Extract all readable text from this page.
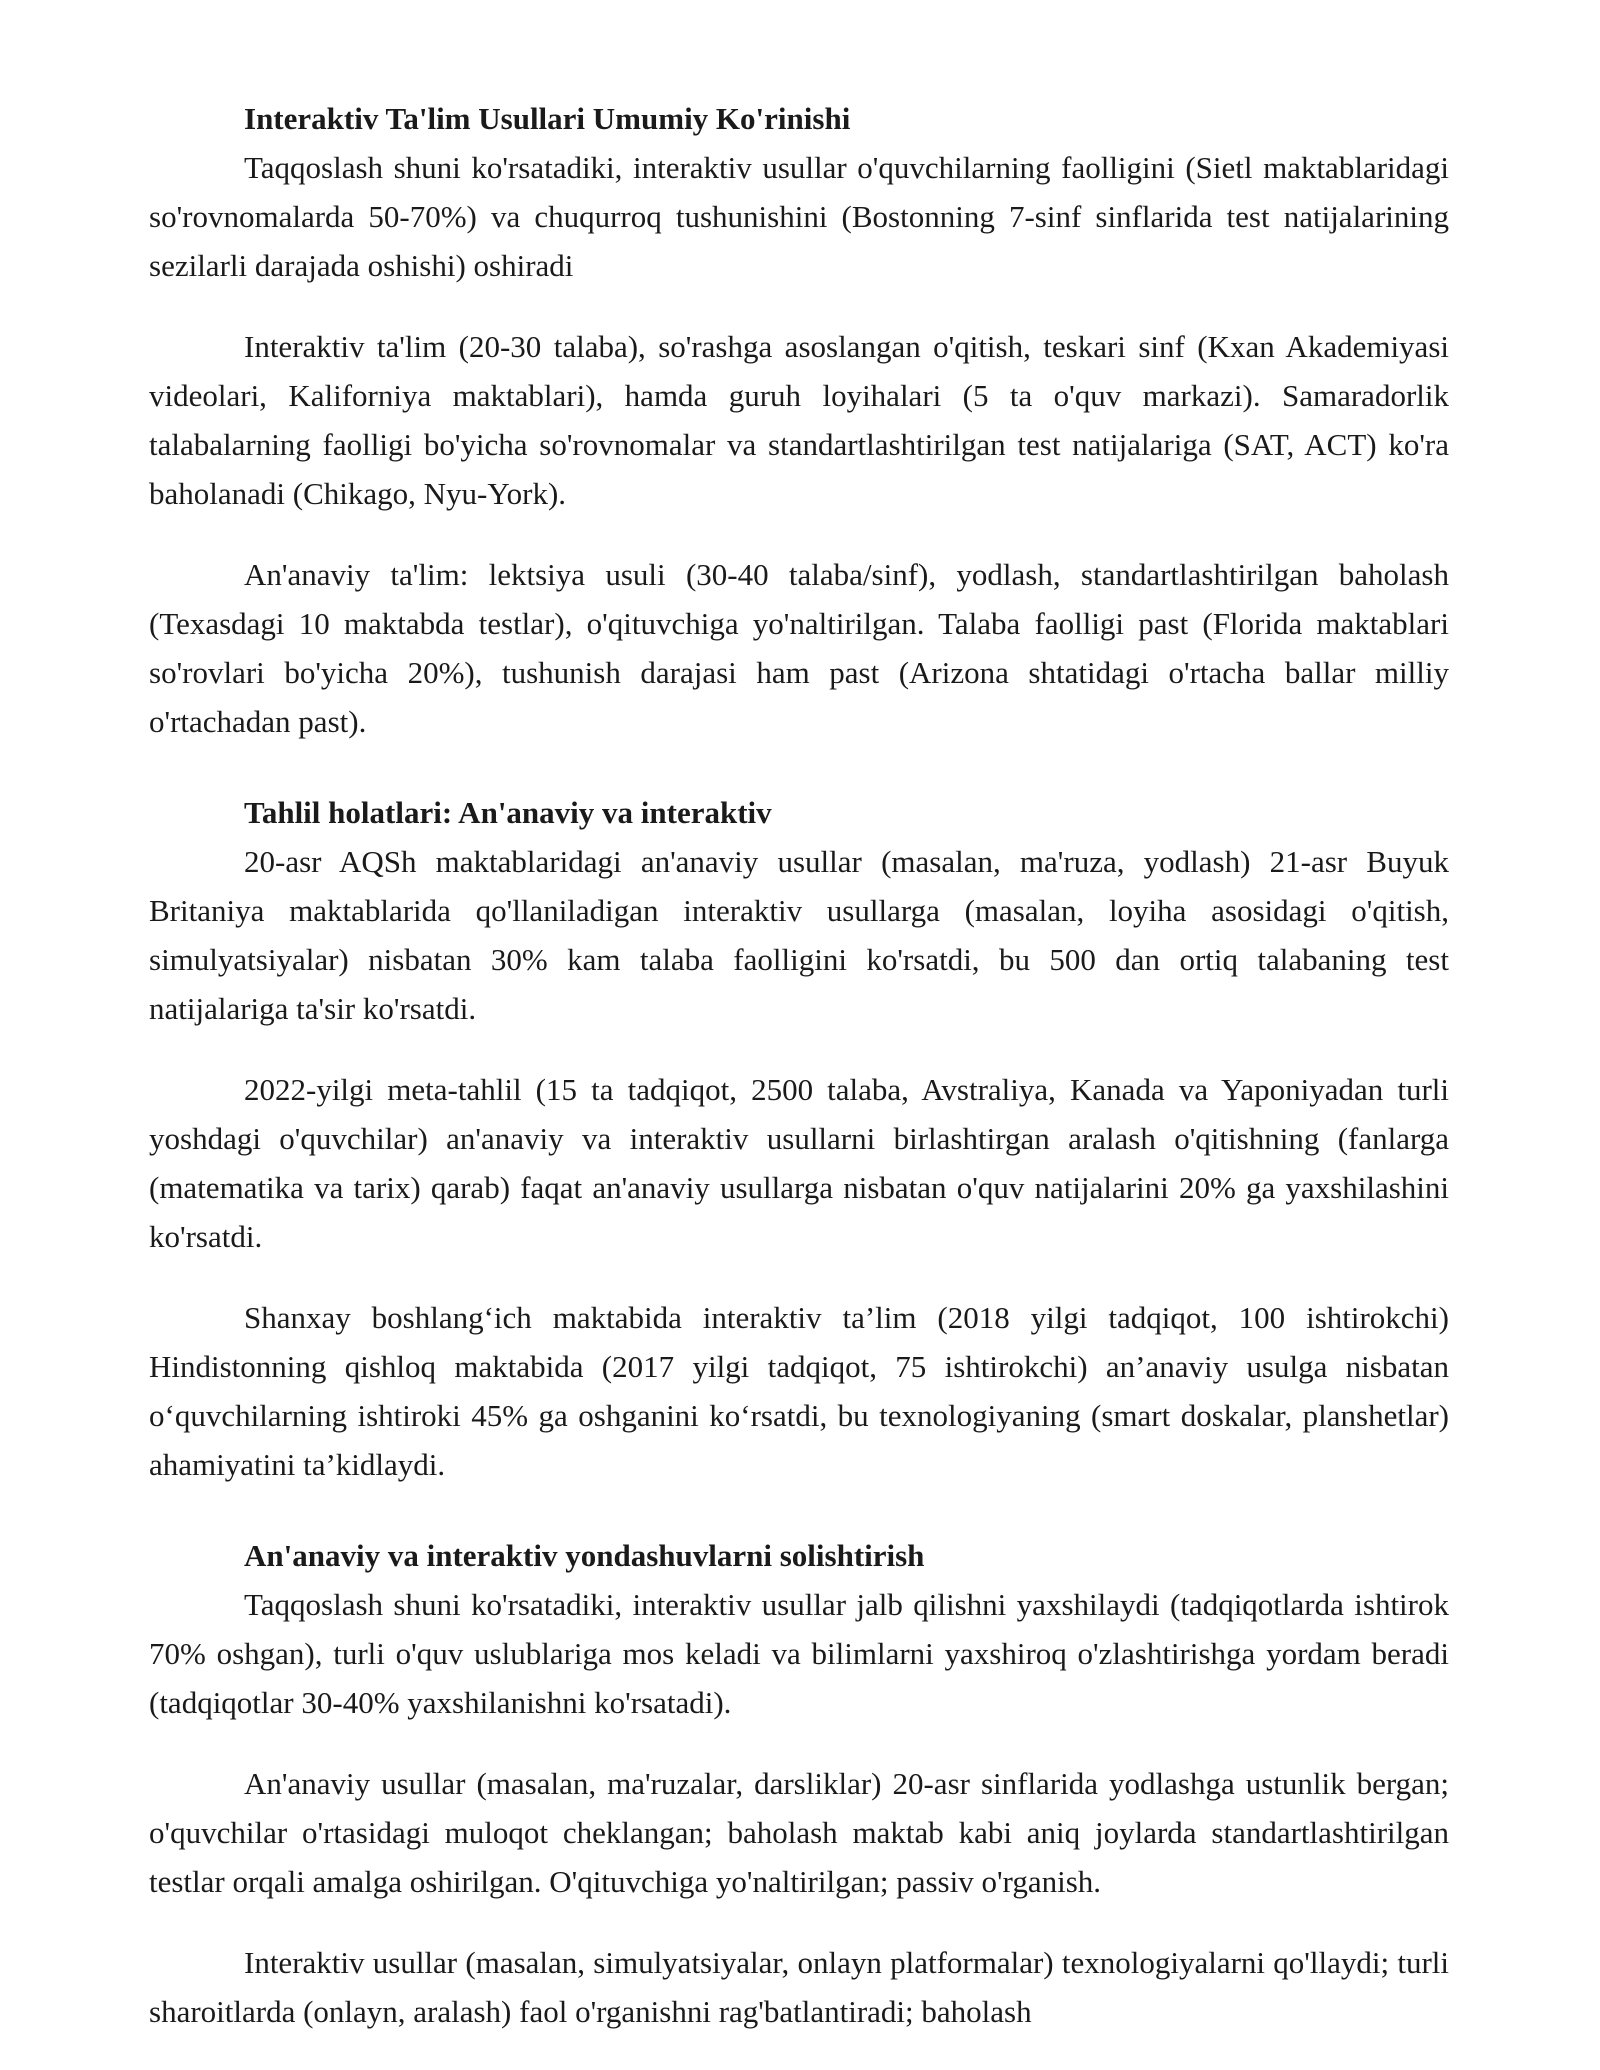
Interaktiv Ta'lim Usullari Umumiy Ko'rinishi

Taqqoslash shuni ko'rsatadiki, interaktiv usullar o'quvchilarning faolligini (Sietl maktablaridagi so'rovnomalarda 50-70%) va chuqurroq tushunishini (Bostonning 7-sinf sinflarida test natijalarining sezilarli darajada oshishi) oshiradi

Interaktiv ta'lim (20-30 talaba), so'rashga asoslangan o'qitish, teskari sinf (Kxan Akademiyasi videolari, Kaliforniya maktablari), hamda guruh loyihalari (5 ta o'quv markazi). Samaradorlik talabalarning faolligi bo'yicha so'rovnomalar va standartlashtirilgan test natijalariga (SAT, ACT) ko'ra baholanadi (Chikago, Nyu-York).

An'anaviy ta'lim: lektsiya usuli (30-40 talaba/sinf), yodlash, standartlashtirilgan baholash (Texasdagi 10 maktabda testlar), o'qituvchiga yo'naltirilgan. Talaba faolligi past (Florida maktablari so'rovlari bo'yicha 20%), tushunish darajasi ham past (Arizona shtatidagi o'rtacha ballar milliy o'rtachadan past).

Tahlil holatlari: An'anaviy va interaktiv

20-asr AQSh maktablaridagi an'anaviy usullar (masalan, ma'ruza, yodlash) 21-asr Buyuk Britaniya maktablarida qo'llaniladigan interaktiv usullarga (masalan, loyiha asosidagi o'qitish, simulyatsiyalar) nisbatan 30% kam talaba faolligini ko'rsatdi, bu 500 dan ortiq talabaning test natijalariga ta'sir ko'rsatdi.

2022-yilgi meta-tahlil (15 ta tadqiqot, 2500 talaba, Avstraliya, Kanada va Yaponiyadan turli yoshdagi o'quvchilar) an'anaviy va interaktiv usullarni birlashtirgan aralash o'qitishning (fanlarga (matematika va tarix) qarab) faqat an'anaviy usullarga nisbatan o'quv natijalarini 20% ga yaxshilashini ko'rsatdi.

Shanxay boshlang‘ich maktabida interaktiv ta’lim (2018 yilgi tadqiqot, 100 ishtirokchi) Hindistonning qishloq maktabida (2017 yilgi tadqiqot, 75 ishtirokchi) an’anaviy usulga nisbatan o‘quvchilarning ishtiroki 45% ga oshganini ko‘rsatdi, bu texnologiyaning (smart doskalar, planshetlar) ahamiyatini ta’kidlaydi.

An'anaviy va interaktiv yondashuvlarni solishtirish

Taqqoslash shuni ko'rsatadiki, interaktiv usullar jalb qilishni yaxshilaydi (tadqiqotlarda ishtirok 70% oshgan), turli o'quv uslublariga mos keladi va bilimlarni yaxshiroq o'zlashtirishga yordam beradi (tadqiqotlar 30-40% yaxshilanishni ko'rsatadi).

An'anaviy usullar (masalan, ma'ruzalar, darsliklar) 20-asr sinflarida yodlashga ustunlik bergan; o'quvchilar o'rtasidagi muloqot cheklangan; baholash maktab kabi aniq joylarda standartlashtirilgan testlar orqali amalga oshirilgan. O'qituvchiga yo'naltirilgan; passiv o'rganish.

Interaktiv usullar (masalan, simulyatsiyalar, onlayn platformalar) texnologiyalarni qo'llaydi; turli sharoitlarda (onlayn, aralash) faol o'rganishni rag'batlantiradi; baholash
